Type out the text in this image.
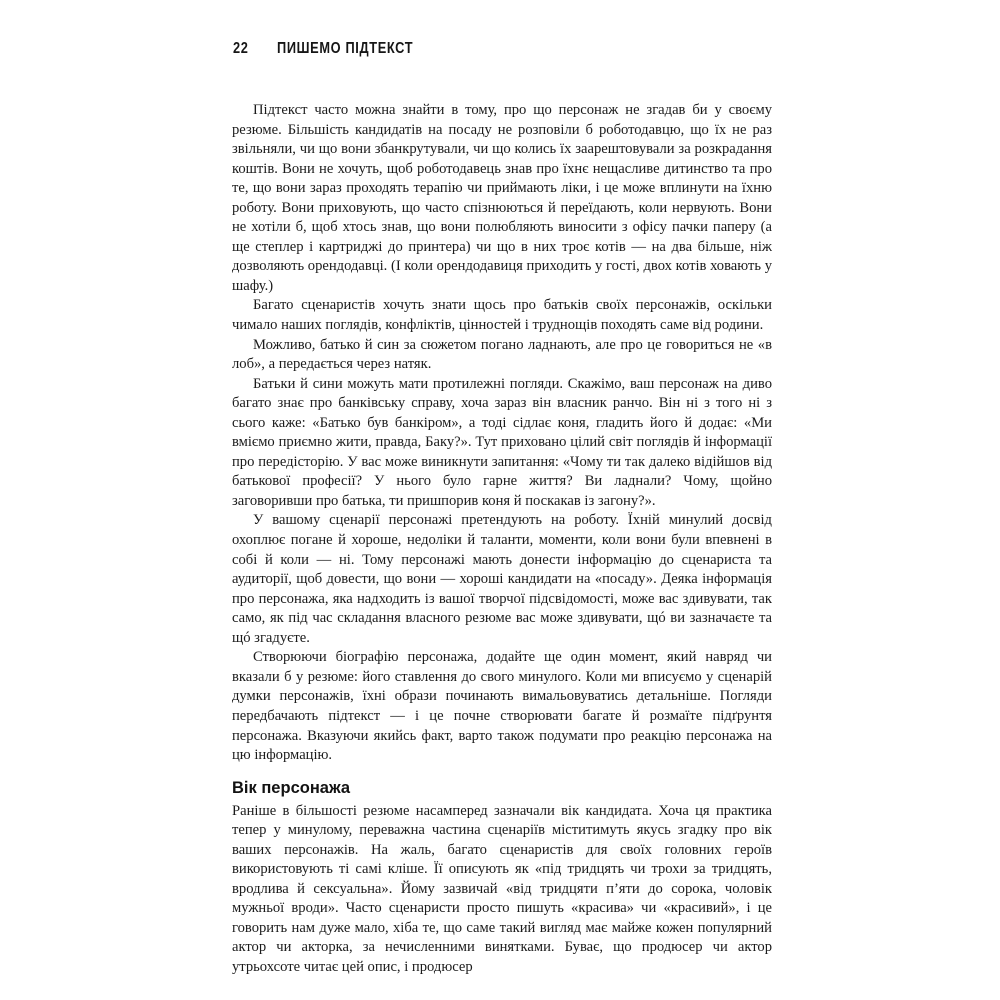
22	ПИШЕМО ПІДТЕКСТ

Підтекст часто можна знайти в тому, про що персонаж не згадав би у своєму резюме. Більшість кандидатів на посаду не розповіли б роботодавцю, що їх не раз звільняли, чи що вони збанкрутували, чи що колись їх заарештовували за розкрадання коштів. Вони не хочуть, щоб роботодавець знав про їхнє нещасливе дитинство та про те, що вони зараз проходять терапію чи приймають ліки, і це може вплинути на їхню роботу. Вони приховують, що часто спізнюються й переїдають, коли нервують. Вони не хотіли б, щоб хтось знав, що вони полюбляють виносити з офісу пачки паперу (а ще степлер і картриджі до принтера) чи що в них троє котів — на два більше, ніж дозволяють орендодавці. (І коли орендодавиця приходить у гості, двох котів ховають у шафу.)

Багато сценаристів хочуть знати щось про батьків своїх персонажів, оскільки чимало наших поглядів, конфліктів, цінностей і труднощів походять саме від родини.

Можливо, батько й син за сюжетом погано ладнають, але про це говориться не «в лоб», а передається через натяк.

Батьки й сини можуть мати протилежні погляди. Скажімо, ваш персонаж на диво багато знає про банківську справу, хоча зараз він власник ранчо. Він ні з того ні з сього каже: «Батько був банкіром», а тоді сідлає коня, гладить його й додає: «Ми вміємо приємно жити, правда, Баку?». Тут приховано цілий світ поглядів й інформації про передісторію. У вас може виникнути запитання: «Чому ти так далеко відійшов від батькової професії? У нього було гарне життя? Ви ладнали? Чому, щойно заговоривши про батька, ти пришпорив коня й поскакав із загону?».

У вашому сценарії персонажі претендують на роботу. Їхній минулий досвід охоплює погане й хороше, недоліки й таланти, моменти, коли вони були впевнені в собі й коли — ні. Тому персонажі мають донести інформацію до сценариста та аудиторії, щоб довести, що вони — хороші кандидати на «посаду». Деяка інформація про персонажа, яка надходить із вашої творчої підсвідомості, може вас здивувати, так само, як під час складання власного резюме вас може здивувати, щó ви зазначаєте та щó згадуєте.

Створюючи біографію персонажа, додайте ще один момент, який навряд чи вказали б у резюме: його ставлення до свого минулого. Коли ми вписуємо у сценарій думки персонажів, їхні образи починають вимальовуватись детальніше. Погляди передбачають підтекст — і це почне створювати багате й розмаїте підґрунтя персонажа. Вказуючи якийсь факт, варто також подумати про реакцію персонажа на цю інформацію.

Вік персонажа

Раніше в більшості резюме насамперед зазначали вік кандидата. Хоча ця практика тепер у минулому, переважна частина сценаріїв міститимуть якусь згадку про вік ваших персонажів. На жаль, багато сценаристів для своїх головних героїв використовують ті самі кліше. Її описують як «під тридцять чи трохи за тридцять, вродлива й сексуальна». Йому зазвичай «від тридцяти п’яти до сорока, чоловік мужньої вроди». Часто сценаристи просто пишуть «красива» чи «красивий», і це говорить нам дуже мало, хіба те, що саме такий вигляд має майже кожен популярний актор чи акторка, за нечисленними винятками. Буває, що продюсер чи актор утрьохсоте читає цей опис, і продюсер
